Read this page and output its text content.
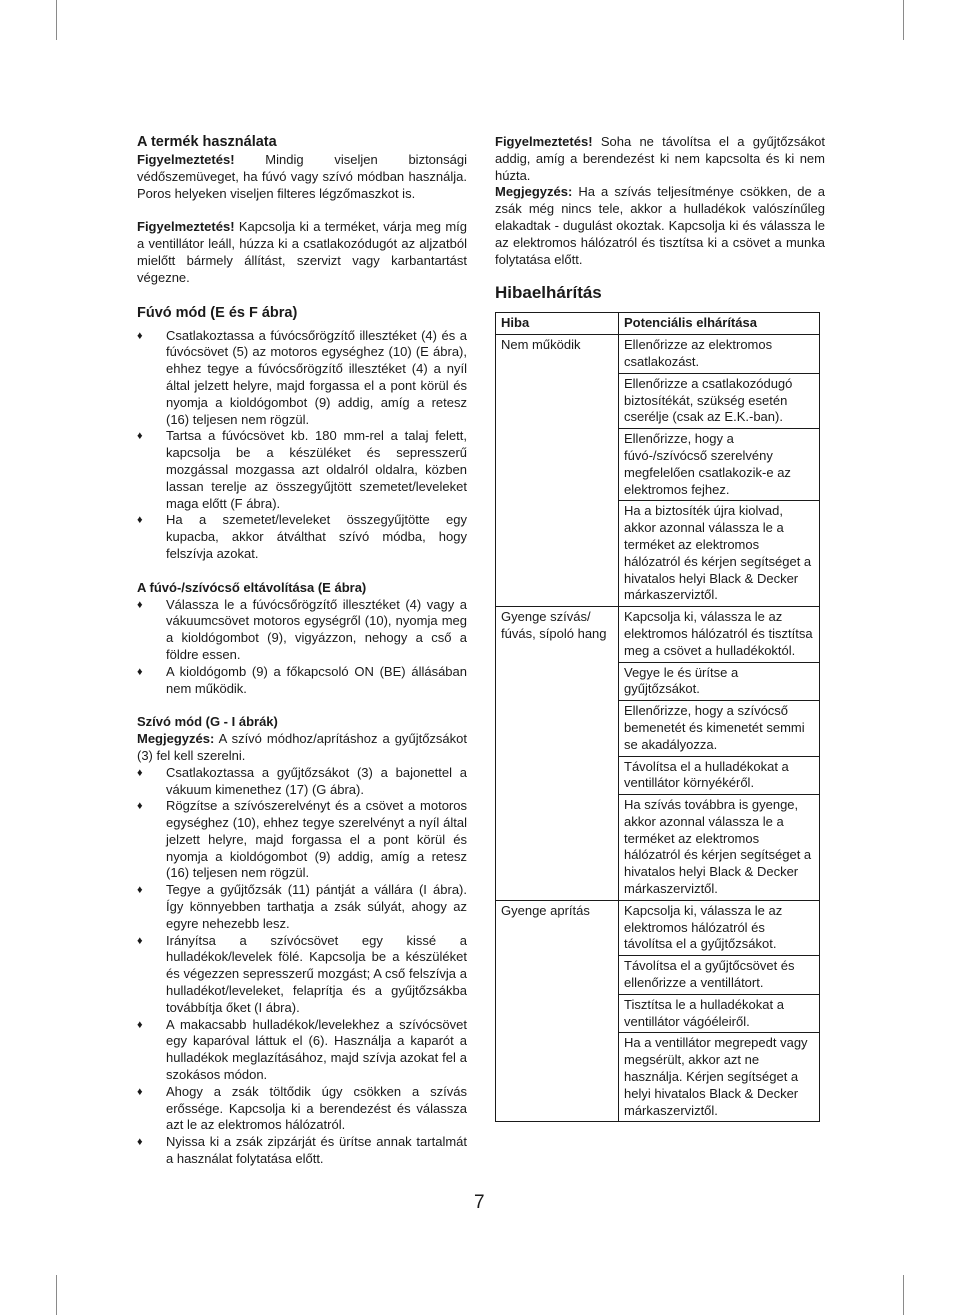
A termék használata

Figyelmeztetés! Mindig viseljen biztonsági védőszemüveget, ha fúvó vagy szívó módban használja. Poros helyeken viseljen filteres légzőmaszkot is.

Figyelmeztetés! Kapcsolja ki a terméket, várja meg míg a ventillátor leáll, húzza ki a csatlakozódugót az aljzatból mielőtt bármely állítást, szervizt vagy karbantartást végezne.

Fúvó mód (E és F ábra)
♦ Csatlakoztassa a fúvócsőrögzítő illesztéket (4) és a fúvócsövet (5) az motoros egységhez (10) (E ábra), ehhez tegye a fúvócsőrögzítő illesztéket (4) a nyíl által jelzett helyre, majd forgassa el a pont körül és nyomja a kioldógombot (9) addig, amíg a retesz (16) teljesen nem rögzül.
♦ Tartsa a fúvócsövet kb. 180 mm-rel a talaj felett, kapcsolja be a készüléket és sepresszerű mozgással mozgassa azt oldalról oldalra, közben lassan terelje az összegyűjtött szemetet/leveleket maga előtt (F ábra).
♦ Ha a szemetet/leveleket összegyűjtötte egy kupacba, akkor átválthat szívó módba, hogy felszívja azokat.
A fúvó-/szívócső eltávolítása (E ábra)
♦ Válassza le a fúvócsőrögzítő illesztéket (4) vagy a vákuumcsövet motoros egységről (10), nyomja meg a kioldógombot (9), vigyázzon, nehogy a cső a földre essen.
♦ A kioldógomb (9) a főkapcsoló ON (BE) állásában nem működik.
Szívó mód (G - I ábrák)

Megjegyzés: A szívó módhoz/aprításhoz a gyűjtőzsákot (3) fel kell szerelni.

♦ Csatlakoztassa a gyűjtőzsákot (3) a bajonettel a vákuum kimenethez (17) (G ábra).
♦ Rögzítse a szívószerelvényt és a csövet a motoros egységhez (10), ehhez tegye szerelvényt a nyíl által jelzett helyre, majd forgassa el a pont körül és nyomja a kioldógombot (9) addig, amíg a retesz (16) teljesen nem rögzül.
♦ Tegye a gyűjtőzsák (11) pántját a vállára (I ábra). Így könnyebben tarthatja a zsák súlyát, ahogy az egyre nehezebb lesz.
♦ Irányítsa a szívócsövet egy kissé a hulladékok/levelek fölé. Kapcsolja be a készüléket és végezzen sepresszerű mozgást; A cső felszívja a hulladékot/leveleket, felaprítja és a gyűjtőzsákba továbbítja őket (I ábra).
♦ A makacsabb hulladékok/levelekhez a szívócsövet egy kaparóval láttuk el (6). Használja a kaparót a hulladékok meglazításához, majd szívja azokat fel a szokásos módon.
♦ Ahogy a zsák töltődik úgy csökken a szívás erőssége. Kapcsolja ki a berendezést és válassza azt le az elektromos hálózatról.
♦ Nyissa ki a zsák zipzárját és ürítse annak tartalmát a használat folytatása előtt.

Figyelmeztetés! Soha ne távolítsa el a gyűjtőzsákot addig, amíg a berendezést ki nem kapcsolta és ki nem húzta.

Megjegyzés: Ha a szívás teljesítménye csökken, de a zsák még nincs tele, akkor a hulladékok valószínűleg elakadtak - dugulást okoztak. Kapcsolja ki és válassza le az elektromos hálózatról és tisztítsa ki a csövet a munka folytatása előtt.

Hibaelhárítás
Hiba	Potenciális elhárítása
Nem működik	Ellenőrizze az elektromos csatlakozást.
	Ellenőrizze a csatlakozódugó biztosítékát, szükség esetén cserélje (csak az E.K.-ban).
	Ellenőrizze, hogy a fúvó-/szívócső szerelvény megfelelően csatlakozik-e az elektromos fejhez.
	Ha a biztosíték újra kiolvad, akkor azonnal válassza le a terméket az elektromos hálózatról és kérjen segítséget a hivatalos helyi Black & Decker márkaszerviztől.
Gyenge szívás/ fúvás, sípoló hang	Kapcsolja ki, válassza le az elektromos hálózatról és tisztítsa meg a csövet a hulladékoktól.
	Vegye le és ürítse a gyűjtőzsákot.
	Ellenőrizze, hogy a szívócső bemenetét és kimenetét semmi se akadályozza.
	Távolítsa el a hulladékokat a ventillátor környékéről.
	Ha szívás továbbra is gyenge, akkor azonnal válassza le a terméket az elektromos hálózatról és kérjen segítséget a hivatalos helyi Black & Decker márkaszerviztől.
Gyenge aprítás	Kapcsolja ki, válassza le az elektromos hálózatról és távolítsa el a gyűjtőzsákot.
	Távolítsa el a gyűjtőcsövet és ellenőrizze a ventillátort.
	Tisztítsa le a hulladékokat a ventillátor vágóéleiről.
	Ha a ventillátor megrepedt vagy megsérült, akkor azt ne használja. Kérjen segítséget a helyi hivatalos Black & Decker márkaszerviztől.
7
